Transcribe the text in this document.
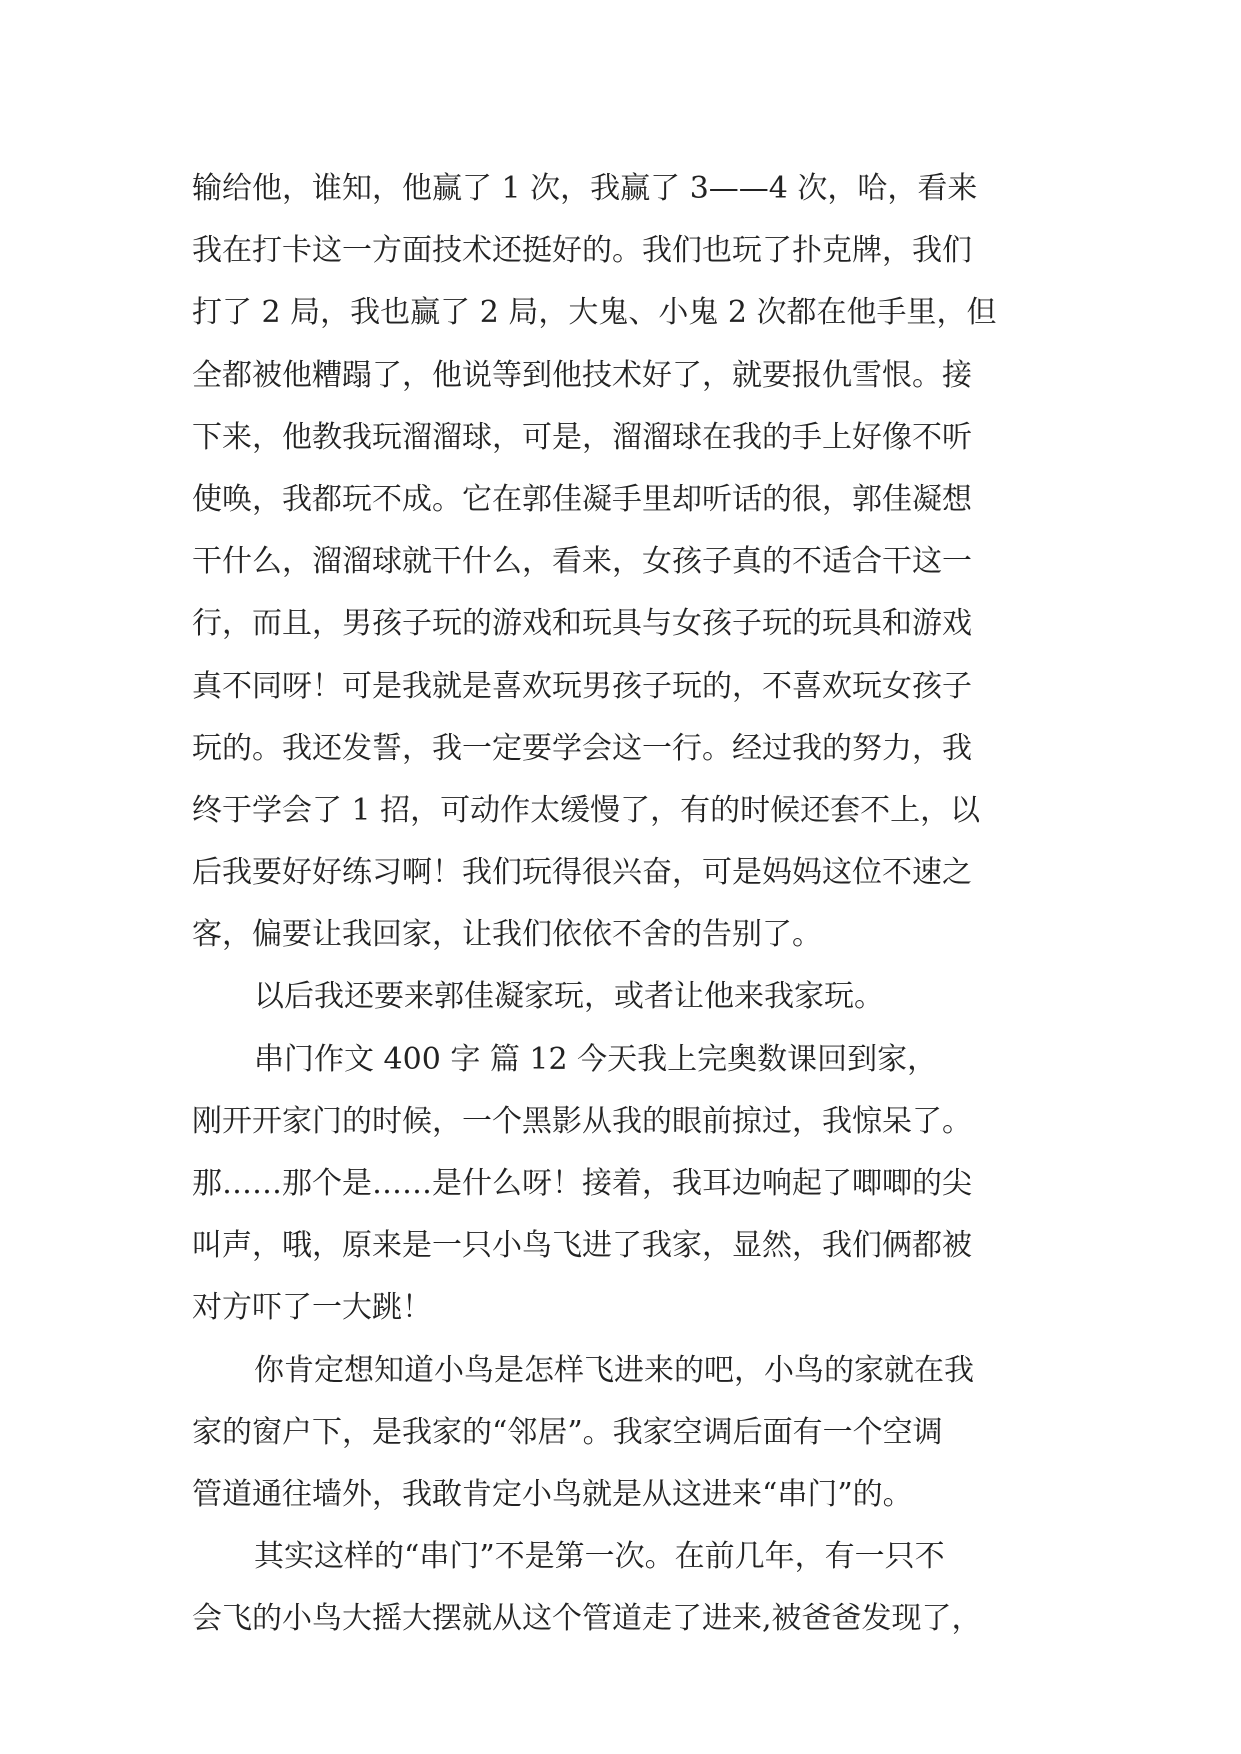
输给他，谁知，他赢了 1 次，我赢了 3——4 次，哈，看来
我在打卡这一方面技术还挺好的。我们也玩了扑克牌，我们
打了 2 局，我也赢了 2 局，大鬼、小鬼 2 次都在他手里，但
全都被他糟蹋了，他说等到他技术好了，就要报仇雪恨。接
下来，他教我玩溜溜球，可是，溜溜球在我的手上好像不听
使唤，我都玩不成。它在郭佳凝手里却听话的很，郭佳凝想
干什么，溜溜球就干什么，看来，女孩子真的不适合干这一
行，而且，男孩子玩的游戏和玩具与女孩子玩的玩具和游戏
真不同呀！可是我就是喜欢玩男孩子玩的，不喜欢玩女孩子
玩的。我还发誓，我一定要学会这一行。经过我的努力，我
终于学会了 1 招，可动作太缓慢了，有的时候还套不上，以
后我要好好练习啊！我们玩得很兴奋，可是妈妈这位不速之
客，偏要让我回家，让我们依依不舍的告别了。
以后我还要来郭佳凝家玩，或者让他来我家玩。
串门作文 400 字 篇 12 今天我上完奥数课回到家，
刚开开家门的时候，一个黑影从我的眼前掠过，我惊呆了。
那……那个是……是什么呀！接着，我耳边响起了唧唧的尖
叫声，哦，原来是一只小鸟飞进了我家，显然，我们俩都被
对方吓了一大跳！
你肯定想知道小鸟是怎样飞进来的吧，小鸟的家就在我
家的窗户下，是我家的“邻居”。我家空调后面有一个空调
管道通往墙外，我敢肯定小鸟就是从这进来“串门”的。
其实这样的“串门”不是第一次。在前几年，有一只不
会飞的小鸟大摇大摆就从这个管道走了进来,被爸爸发现了，
